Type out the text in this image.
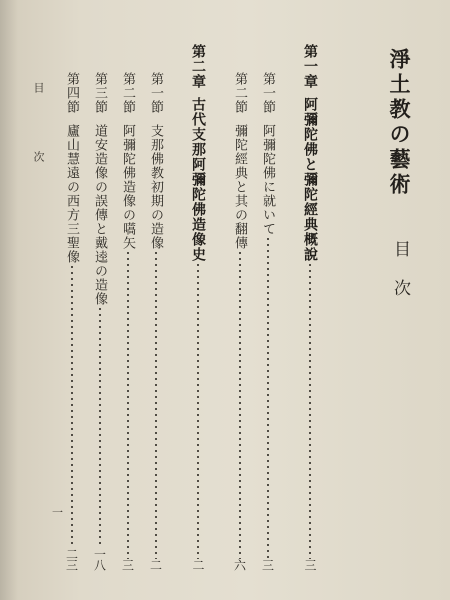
淨土教の藝術
目次
第一章
阿彌陀佛と彌陀經典概說
三
第一節
阿彌陀佛に就いて
三
第二節
彌陀經典と其の翻傳
六
第二章
古代支那阿彌陀佛造像史
二
第一節
支那佛教初期の造像
二
第二節
阿彌陀佛造像の嚆矢
三
第三節
道安造像の誤傳と戴逵の造像
一八
第四節
廬山慧遠の西方三聖像
二三
目次
一
